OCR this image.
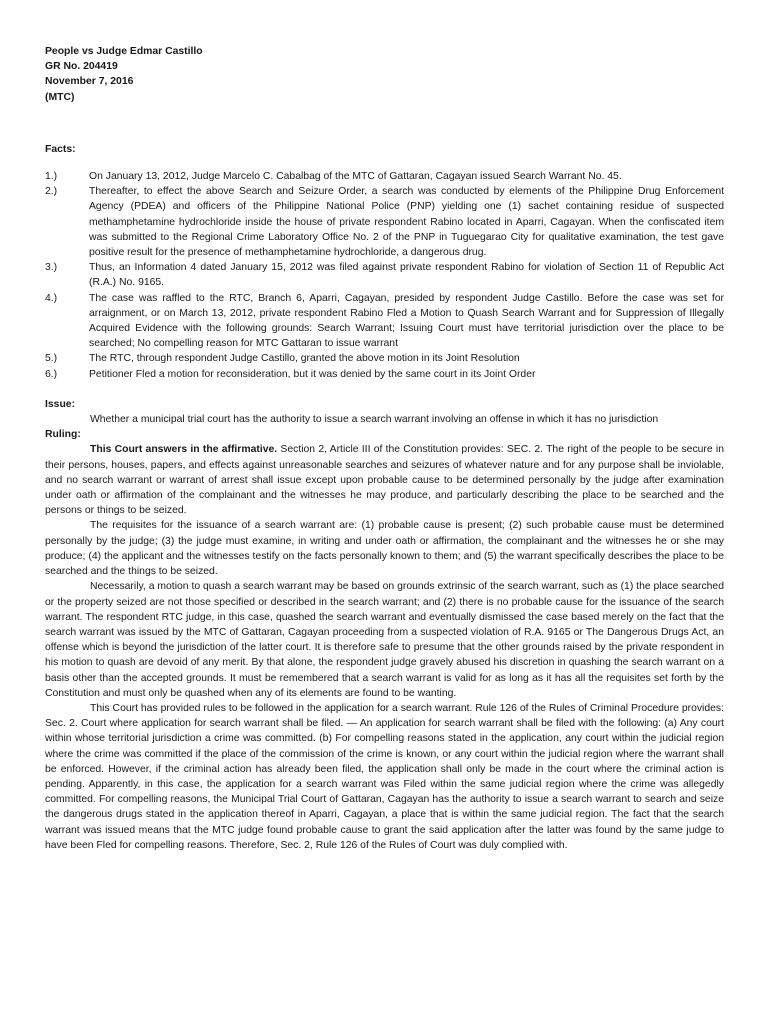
People vs Judge Edmar Castillo

GR No. 204419

November 7, 2016

(MTC)

Facts:

1.)	On January 13, 2012, Judge Marcelo C. Cabalbag of the MTC of Gattaran, Cagayan issued Search Warrant No. 45.
2.)	Thereafter, to effect the above Search and Seizure Order, a search was conducted by elements of the Philippine Drug Enforcement Agency (PDEA) and officers of the Philippine National Police (PNP) yielding one (1) sachet containing residue of suspected methamphetamine hydrochloride inside the house of private respondent Rabino located in Aparri, Cagayan. When the confiscated item was submitted to the Regional Crime Laboratory Office No. 2 of the PNP in Tuguegarao City for qualitative examination, the test gave positive result for the presence of methamphetamine hydrochloride, a dangerous drug.
3.)	Thus, an Information 4 dated January 15, 2012 was filed against private respondent Rabino for violation of Section 11 of Republic Act (R.A.) No. 9165.
4.)	The case was raffled to the RTC, Branch 6, Aparri, Cagayan, presided by respondent Judge Castillo. Before the case was set for arraignment, or on March 13, 2012, private respondent Rabino Fled a Motion to Quash Search Warrant and for Suppression of Illegally Acquired Evidence with the following grounds: Search Warrant; Issuing Court must have territorial jurisdiction over the place to be searched; No compelling reason for MTC Gattaran to issue warrant
5.)	The RTC, through respondent Judge Castillo, granted the above motion in its Joint Resolution
6.)	Petitioner Fled a motion for reconsideration, but it was denied by the same court in its Joint Order

Issue:

Whether a municipal trial court has the authority to issue a search warrant involving an offense in which it has no jurisdiction

Ruling:

This Court answers in the affirmative. Section 2, Article III of the Constitution provides: SEC. 2. The right of the people to be secure in their persons, houses, papers, and effects against unreasonable searches and seizures of whatever nature and for any purpose shall be inviolable, and no search warrant or warrant of arrest shall issue except upon probable cause to be determined personally by the judge after examination under oath or affirmation of the complainant and the witnesses he may produce, and particularly describing the place to be searched and the persons or things to be seized.

The requisites for the issuance of a search warrant are: (1) probable cause is present; (2) such probable cause must be determined personally by the judge; (3) the judge must examine, in writing and under oath or affirmation, the complainant and the witnesses he or she may produce; (4) the applicant and the witnesses testify on the facts personally known to them; and (5) the warrant specifically describes the place to be searched and the things to be seized.

Necessarily, a motion to quash a search warrant may be based on grounds extrinsic of the search warrant, such as (1) the place searched or the property seized are not those specified or described in the search warrant; and (2) there is no probable cause for the issuance of the search warrant. The respondent RTC judge, in this case, quashed the search warrant and eventually dismissed the case based merely on the fact that the search warrant was issued by the MTC of Gattaran, Cagayan proceeding from a suspected violation of R.A. 9165 or The Dangerous Drugs Act, an offense which is beyond the jurisdiction of the latter court. It is therefore safe to presume that the other grounds raised by the private respondent in his motion to quash are devoid of any merit. By that alone, the respondent judge gravely abused his discretion in quashing the search warrant on a basis other than the accepted grounds. It must be remembered that a search warrant is valid for as long as it has all the requisites set forth by the Constitution and must only be quashed when any of its elements are found to be wanting.

This Court has provided rules to be followed in the application for a search warrant. Rule 126 of the Rules of Criminal Procedure provides: Sec. 2. Court where application for search warrant shall be filed. — An application for search warrant shall be filed with the following: (a) Any court within whose territorial jurisdiction a crime was committed. (b) For compelling reasons stated in the application, any court within the judicial region where the crime was committed if the place of the commission of the crime is known, or any court within the judicial region where the warrant shall be enforced. However, if the criminal action has already been filed, the application shall only be made in the court where the criminal action is pending. Apparently, in this case, the application for a search warrant was Filed within the same judicial region where the crime was allegedly committed. For compelling reasons, the Municipal Trial Court of Gattaran, Cagayan has the authority to issue a search warrant to search and seize the dangerous drugs stated in the application thereof in Aparri, Cagayan, a place that is within the same judicial region. The fact that the search warrant was issued means that the MTC judge found probable cause to grant the said application after the latter was found by the same judge to have been Fled for compelling reasons. Therefore, Sec. 2, Rule 126 of the Rules of Court was duly complied with.
